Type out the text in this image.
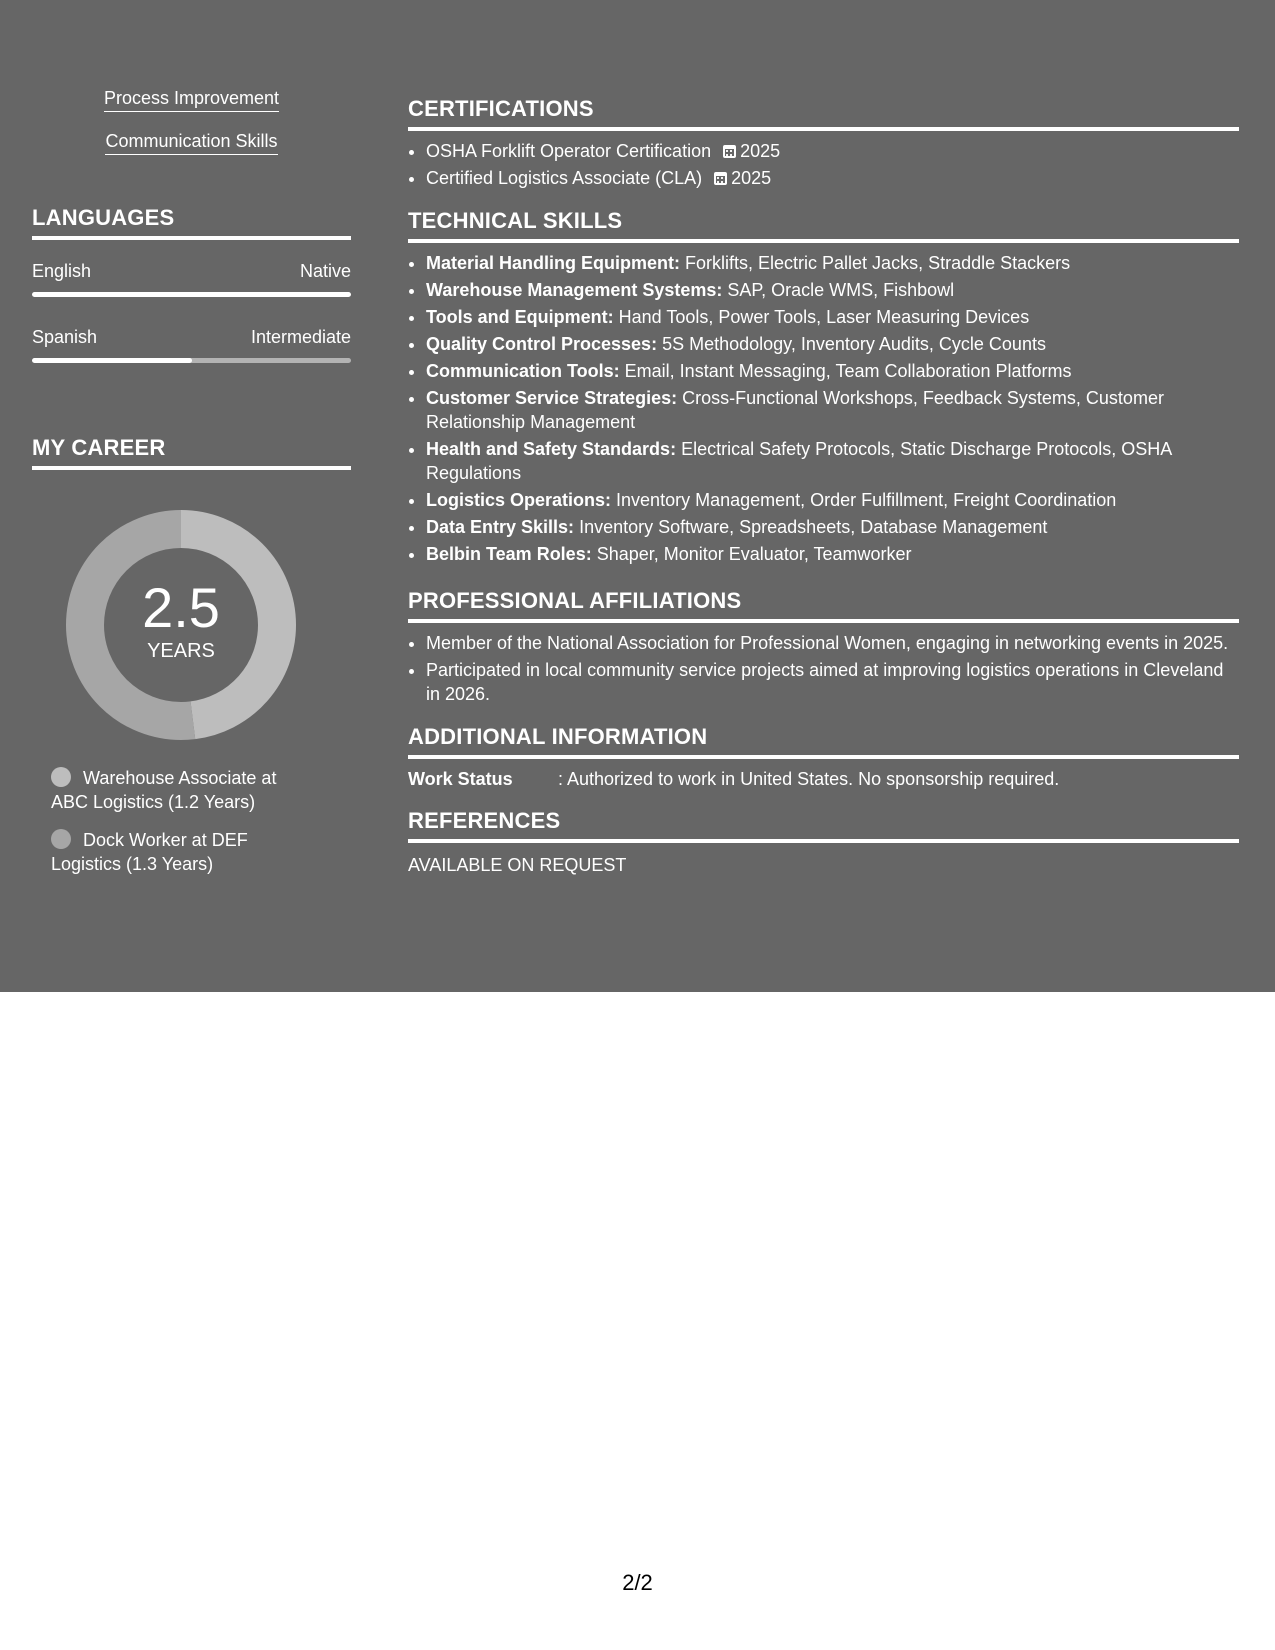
Process Improvement
Communication Skills
LANGUAGES
English	Native
Spanish	Intermediate
MY CAREER
2.5
YEARS
Warehouse Associate at ABC Logistics (1.2 Years)
Dock Worker at DEF Logistics (1.3 Years)
CERTIFICATIONS
• OSHA Forklift Operator Certification 2025
• Certified Logistics Associate (CLA) 2025
TECHNICAL SKILLS
• Material Handling Equipment: Forklifts, Electric Pallet Jacks, Straddle Stackers
• Warehouse Management Systems: SAP, Oracle WMS, Fishbowl
• Tools and Equipment: Hand Tools, Power Tools, Laser Measuring Devices
• Quality Control Processes: 5S Methodology, Inventory Audits, Cycle Counts
• Communication Tools: Email, Instant Messaging, Team Collaboration Platforms
• Customer Service Strategies: Cross-Functional Workshops, Feedback Systems, Customer Relationship Management
• Health and Safety Standards: Electrical Safety Protocols, Static Discharge Protocols, OSHA Regulations
• Logistics Operations: Inventory Management, Order Fulfillment, Freight Coordination
• Data Entry Skills: Inventory Software, Spreadsheets, Database Management
• Belbin Team Roles: Shaper, Monitor Evaluator, Teamworker
PROFESSIONAL AFFILIATIONS
• Member of the National Association for Professional Women, engaging in networking events in 2025.
• Participated in local community service projects aimed at improving logistics operations in Cleveland in 2026.
ADDITIONAL INFORMATION
Work Status	: Authorized to work in United States. No sponsorship required.
REFERENCES
AVAILABLE ON REQUEST
2/2
